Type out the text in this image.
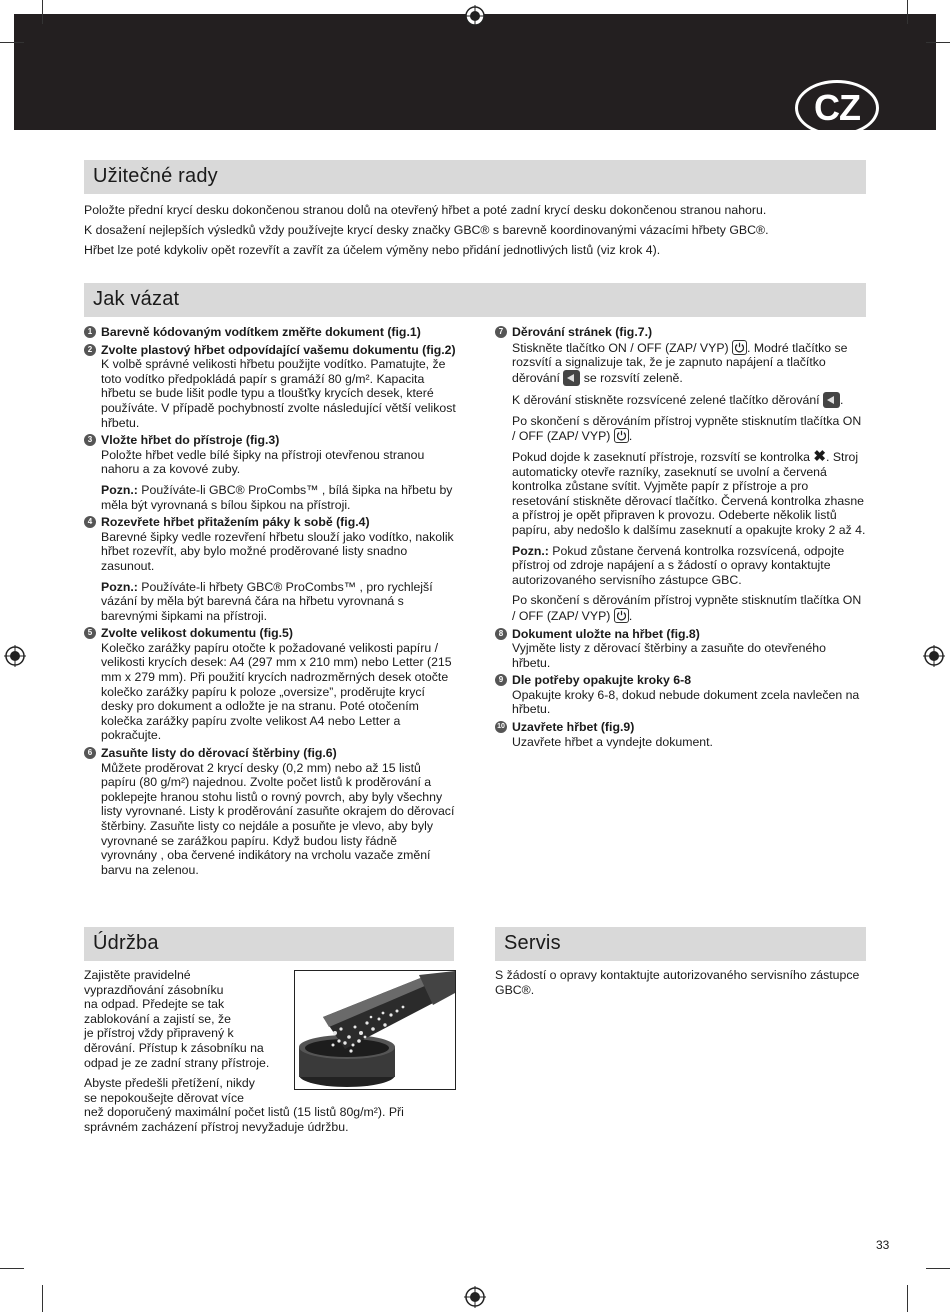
CZ
Užitečné rady

Položte přední krycí desku dokončenou stranou dolů na otevřený hřbet a poté zadní krycí desku dokončenou stranou nahoru.

K dosažení nejlepších výsledků vždy používejte krycí desky značky GBC® s barevně koordinovanými vázacími hřbety GBC®.

Hřbet lze poté kdykoliv opět rozevřít a zavřít za účelem výměny nebo přidání jednotlivých listů (viz krok 4).

Jak vázat
1 Barevně kódovaným vodítkem změřte dokument (fig.1)
2 Zvolte plastový hřbet odpovídající vašemu dokumentu (fig.2)
K volbě správné velikosti hřbetu použijte vodítko. Pamatujte, že toto vodítko předpokládá papír s gramáží 80 g/m². Kapacita hřbetu se bude lišit podle typu a tloušťky krycích desek, které používáte. V případě pochybností zvolte následující větší velikost hřbetu.
3 Vložte hřbet do přístroje (fig.3)
Položte hřbet vedle bílé šipky na přístroji otevřenou stranou nahoru a za kovové zuby.
Pozn.: Používáte-li GBC® ProCombs™ , bílá šipka na hřbetu by měla být vyrovnaná s bílou šipkou na přístroji.
4 Rozevřete hřbet přitažením páky k sobě (fig.4)
Barevné šipky vedle rozevření hřbetu slouží jako vodítko, nakolik hřbet rozevřít, aby bylo možné proděrované listy snadno zasunout.
Pozn.: Používáte-li hřbety GBC® ProCombs™ , pro rychlejší vázání by měla být barevná čára na hřbetu vyrovnaná s barevnými šipkami na přístroji.
5 Zvolte velikost dokumentu (fig.5)
Kolečko zarážky papíru otočte k požadované velikosti papíru / velikosti krycích desek: A4 (297 mm x 210 mm) nebo Letter (215 mm x 279 mm). Při použití krycích nadrozměrných desek otočte kolečko zarážky papíru k poloze „oversize”, proděrujte krycí desky pro dokument a odložte je na stranu. Poté otočením kolečka zarážky papíru zvolte velikost A4 nebo Letter a pokračujte.
6 Zasuňte listy do děrovací štěrbiny (fig.6)
Můžete proděrovat 2 krycí desky (0,2 mm) nebo až 15 listů papíru (80 g/m²) najednou. Zvolte počet listů k proděrování a poklepejte hranou stohu listů o rovný povrch, aby byly všechny listy vyrovnané. Listy k proděrování zasuňte okrajem do děrovací štěrbiny. Zasuňte listy co nejdále a posuňte je vlevo, aby byly vyrovnané se zarážkou papíru. Když budou listy řádně vyrovnány , oba červené indikátory na vrcholu vazače změní barvu na zelenou.
7 Děrování stránek (fig.7.)
Stiskněte tlačítko ON / OFF (ZAP/ VYP)
. Modré tlačítko se rozsvítí a signalizuje tak, že je zapnuto napájení a tlačítko děrování  se rozsvítí zeleně.
K děrování stiskněte rozsvícené zelené tlačítko děrování .
Po skončení s děrováním přístroj vypněte stisknutím tlačítka ON / OFF (ZAP/ VYP)
.
Pokud dojde k zaseknutí přístroje, rozsvítí se kontrolka ✖. Stroj automaticky otevře razníky, zaseknutí se uvolní a červená kontrolka zůstane svítit. Vyjměte papír z přístroje a pro resetování stiskněte děrovací tlačítko. Červená kontrolka zhasne a přístroj je opět připraven k provozu. Odeberte několik listů papíru, aby nedošlo k dalšímu zaseknutí a opakujte kroky 2 až 4.
Pozn.: Pokud zůstane červená kontrolka rozsvícená, odpojte přístroj od zdroje napájení a s žádostí o opravy kontaktujte autorizovaného servisního zástupce GBC.
Po skončení s děrováním přístroj vypněte stisknutím tlačítka ON / OFF (ZAP/ VYP)
.
8 Dokument uložte na hřbet (fig.8)
Vyjměte listy z děrovací štěrbiny a zasuňte do otevřeného hřbetu.
9 Dle potřeby opakujte kroky 6-8
Opakujte kroky 6-8, dokud nebude dokument zcela navlečen na hřbetu.
10 Uzavřete hřbet (fig.9)
Uzavřete hřbet a vyndejte dokument.
Údržba
Zajistěte pravidelné
vyprazdňování zásobníku
na odpad. Předejte se tak
zablokování a zajistí se, že
je přístroj vždy připravený k
děrování. Přístup k zásobníku na
odpad je ze zadní strany přístroje.
Abyste předešli přetížení, nikdy
se nepokoušejte děrovat více
než doporučený maximální počet listů (15 listů 80g/m²). Při správném zacházení přístroj nevyžaduje údržbu.
Servis
S žádostí o opravy kontaktujte autorizovaného servisního zástupce GBC®.
33
